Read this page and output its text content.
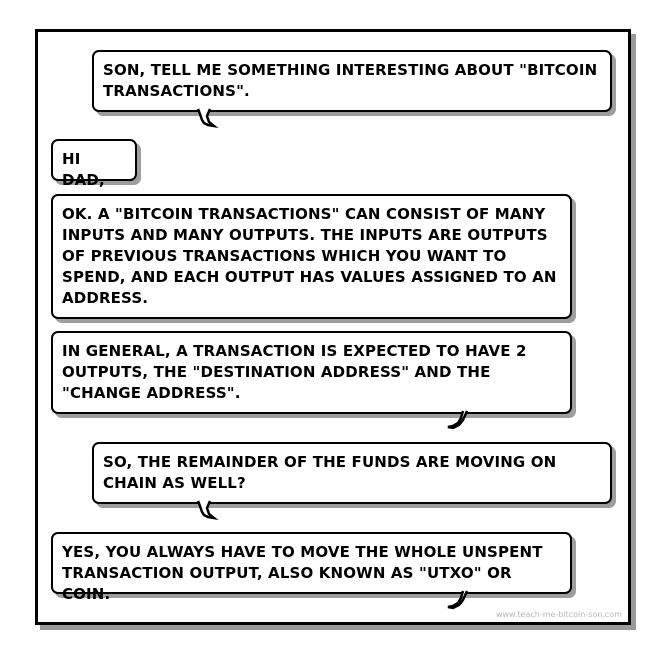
SON, TELL ME SOMETHING INTERESTING ABOUT "BITCOIN TRANSACTIONS".
HI DAD,
OK. A "BITCOIN TRANSACTIONS" CAN CONSIST OF MANY INPUTS AND MANY OUTPUTS. THE INPUTS ARE OUTPUTS OF PREVIOUS TRANSACTIONS WHICH YOU WANT TO SPEND, AND EACH OUTPUT HAS VALUES ASSIGNED TO AN ADDRESS.
IN GENERAL, A TRANSACTION IS EXPECTED TO HAVE 2 OUTPUTS, THE "DESTINATION ADDRESS" AND THE "CHANGE ADDRESS".
SO, THE REMAINDER OF THE FUNDS ARE MOVING ON CHAIN AS WELL?
YES, YOU ALWAYS HAVE TO MOVE THE WHOLE UNSPENT TRANSACTION OUTPUT, ALSO KNOWN AS "UTXO" OR COIN.
www.teach-me-bitcoin-son.com
